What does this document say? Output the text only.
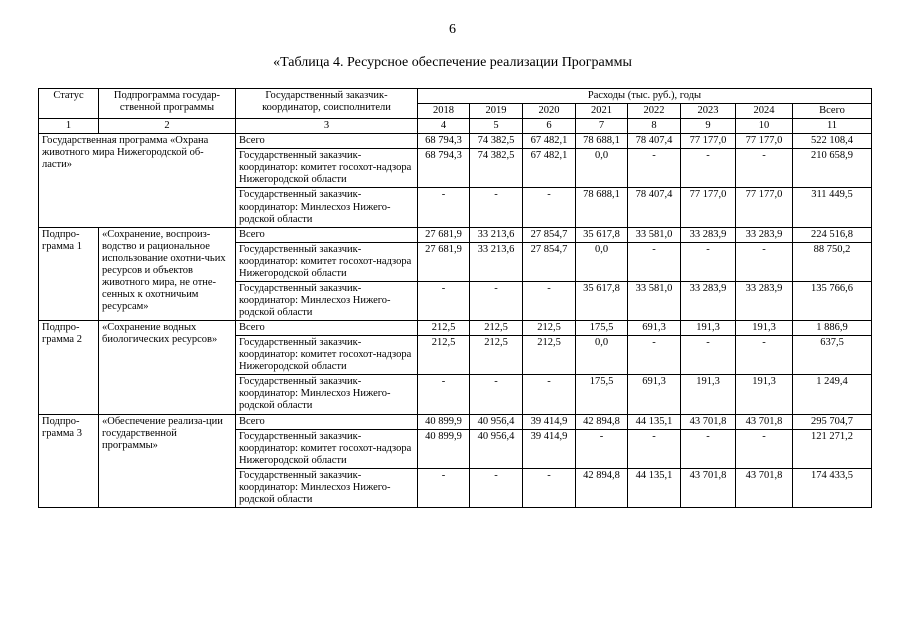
6
«Таблица 4. Ресурсное обеспечение реализации Программы
Статус	Подпрограмма государ-ственной программы	Государственный заказчик-координатор, соисполнители	Расходы (тыс. руб.), годы							
			2018	2019	2020	2021	2022	2023	2024	Всего
1	2	3	4	5	6	7	8	9	10	11
Государственная программа «Охрана животного мира Нижегородской об-ласти»		Всего	68 794,3	74 382,5	67 482,1	78 688,1	78 407,4	77 177,0	77 177,0	522 108,4
		Государственный заказчик-координатор: комитет госохот-надзора Нижегородской области	68 794,3	74 382,5	67 482,1	0,0	-	-	-	210 658,9
		Государственный заказчик-координатор: Минлесхоз Нижего-родской области	-	-	-	78 688,1	78 407,4	77 177,0	77 177,0	311 449,5
Подпро-грамма 1	«Сохранение, воспроиз-водство и рациональное использование охотни-чьих ресурсов и объектов животного мира, не отне-сенных к охотничьим ресурсам»	Всего	27 681,9	33 213,6	27 854,7	35 617,8	33 581,0	33 283,9	33 283,9	224 516,8
		Государственный заказчик-координатор: комитет госохот-надзора Нижегородской области	27 681,9	33 213,6	27 854,7	0,0	-	-	-	88 750,2
		Государственный заказчик-координатор: Минлесхоз Нижего-родской области	-	-	-	35 617,8	33 581,0	33 283,9	33 283,9	135 766,6
Подпро-грамма 2	«Сохранение водных биологических ресурсов»	Всего	212,5	212,5	212,5	175,5	691,3	191,3	191,3	1 886,9
		Государственный заказчик-координатор: комитет госохот-надзора Нижегородской области	212,5	212,5	212,5	0,0	-	-	-	637,5
		Государственный заказчик-координатор: Минлесхоз Нижего-родской области	-	-	-	175,5	691,3	191,3	191,3	1 249,4
Подпро-грамма 3	«Обеспечение реализа-ции государственной программы»	Всего	40 899,9	40 956,4	39 414,9	42 894,8	44 135,1	43 701,8	43 701,8	295 704,7
		Государственный заказчик-координатор: комитет госохот-надзора Нижегородской области	40 899,9	40 956,4	39 414,9	-	-	-	-	121 271,2
		Государственный заказчик-координатор: Минлесхоз Нижего-родской области	-	-	-	42 894,8	44 135,1	43 701,8	43 701,8	174 433,5
